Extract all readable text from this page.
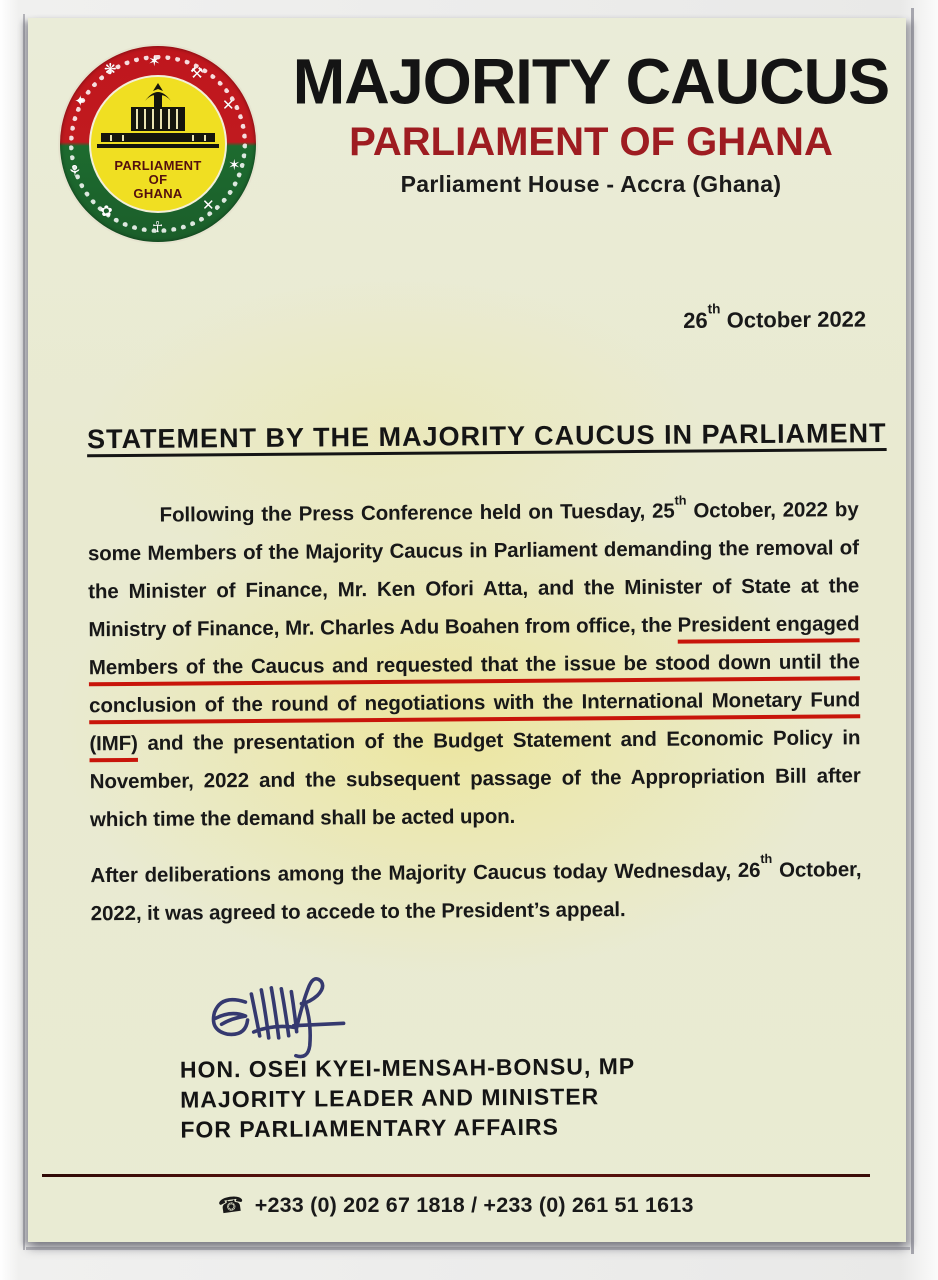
✶
⚒
✕
❋
✦
⚘
✿
☥
✕
✶
PARLIAMENT
OF
GHANA
MAJORITY CAUCUS
PARLIAMENT OF GHANA
Parliament House - Accra (Ghana)
26th October 2022
STATEMENT BY THE MAJORITY CAUCUS IN PARLIAMENT

Following the Press Conference held on Tuesday, 25th October, 2022 by some Members of the Majority Caucus in Parliament demanding the removal of the Minister of Finance, Mr. Ken Ofori Atta, and the Minister of State at the Ministry of Finance, Mr. Charles Adu Boahen from office, the President engaged Members of the Caucus and requested that the issue be stood down until the conclusion of the round of negotiations with the International Monetary Fund (IMF) and the presentation of the Budget Statement and Economic Policy in November, 2022 and the subsequent passage of the Appropriation Bill after which time the demand shall be acted upon.

After deliberations among the Majority Caucus today Wednesday, 26th October, 2022, it was agreed to accede to the President’s appeal.

HON. OSEI KYEI-MENSAH-BONSU, MP
MAJORITY LEADER AND MINISTER
FOR PARLIAMENTARY AFFAIRS
☎ +233 (0) 202 67 1818 / +233 (0) 261 51 1613
